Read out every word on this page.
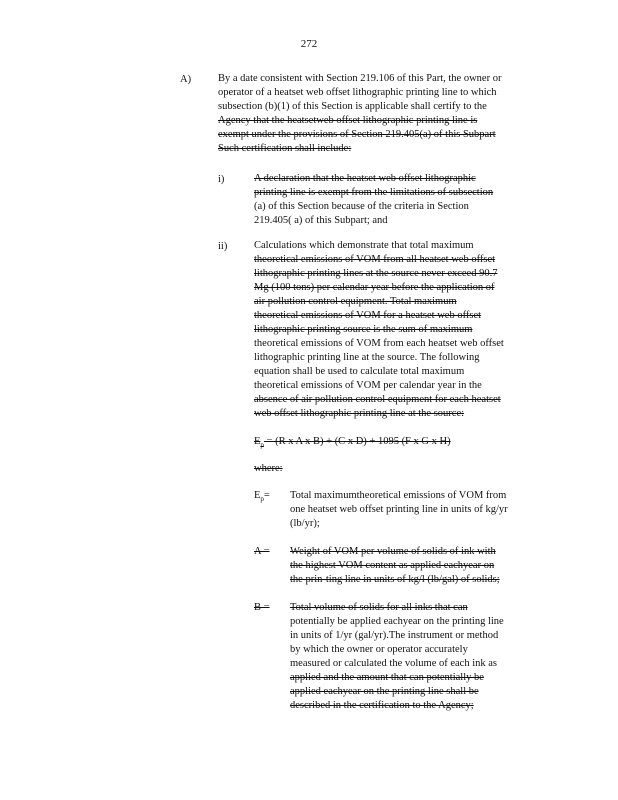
272
A)	By a date consistent with Section 219.106 of this Part, the owner or
operator of a heatset web offset lithographic printing line to which
subsection (b)(1) of this Section is applicable shall certify to the
Agency that the heatsetweb offset lithographic printing line is
exempt under the provisions of Section 219.405(a) of this Subpart
Such certification shall include:
i)	A declaration that the heatset web offset lithographic
printing line is exempt from the limitations of subsection
(a) of this Section because of the criteria in Section
219.405( a) of this Subpart; and
ii)	Calculations which demonstrate that total maximum
theoretical emissions of VOM from all heatset web offset
lithographic printing lines at the source never exceed 90.7
Mg (100 tons) per calendar year before the application of
air pollution control equipment. Total maximum
theoretical emissions of VOM for a heatset web offset
lithographic printing source is the sum of maximum
theoretical emissions of VOM from each heatset web offset
lithographic printing line at the source. The following
equation shall be used to calculate total maximum
theoretical emissions of VOM per calendar year in the
absence of air pollution control equipment for each heatset
web offset lithographic printing line at the source:
$E_p = (R$ x A x B) + (C x D) + 1095 (F x G x H)
where:
$E_p=$ Total maximumtheoretical emissions of VOM from
one heatset web offset printing line in units of kg/yr
(lb/yr);
A = Weight of VOM per volume of solids of ink with
the highest VOM content as applied eachyear on
the prin-ting line in units of kg/l (lb/gal) of solids;
B = Total volume of solids for all inks that can
potentially be applied eachyear on the printing line
in units of 1/yr (gal/yr).The instrument or method
by which the owner or operator accurately
measured or calculated the volume of each ink as
applied and the amount that can potentially be
applied eachyear on the printing line shall be
described in the certification to the Agency;
